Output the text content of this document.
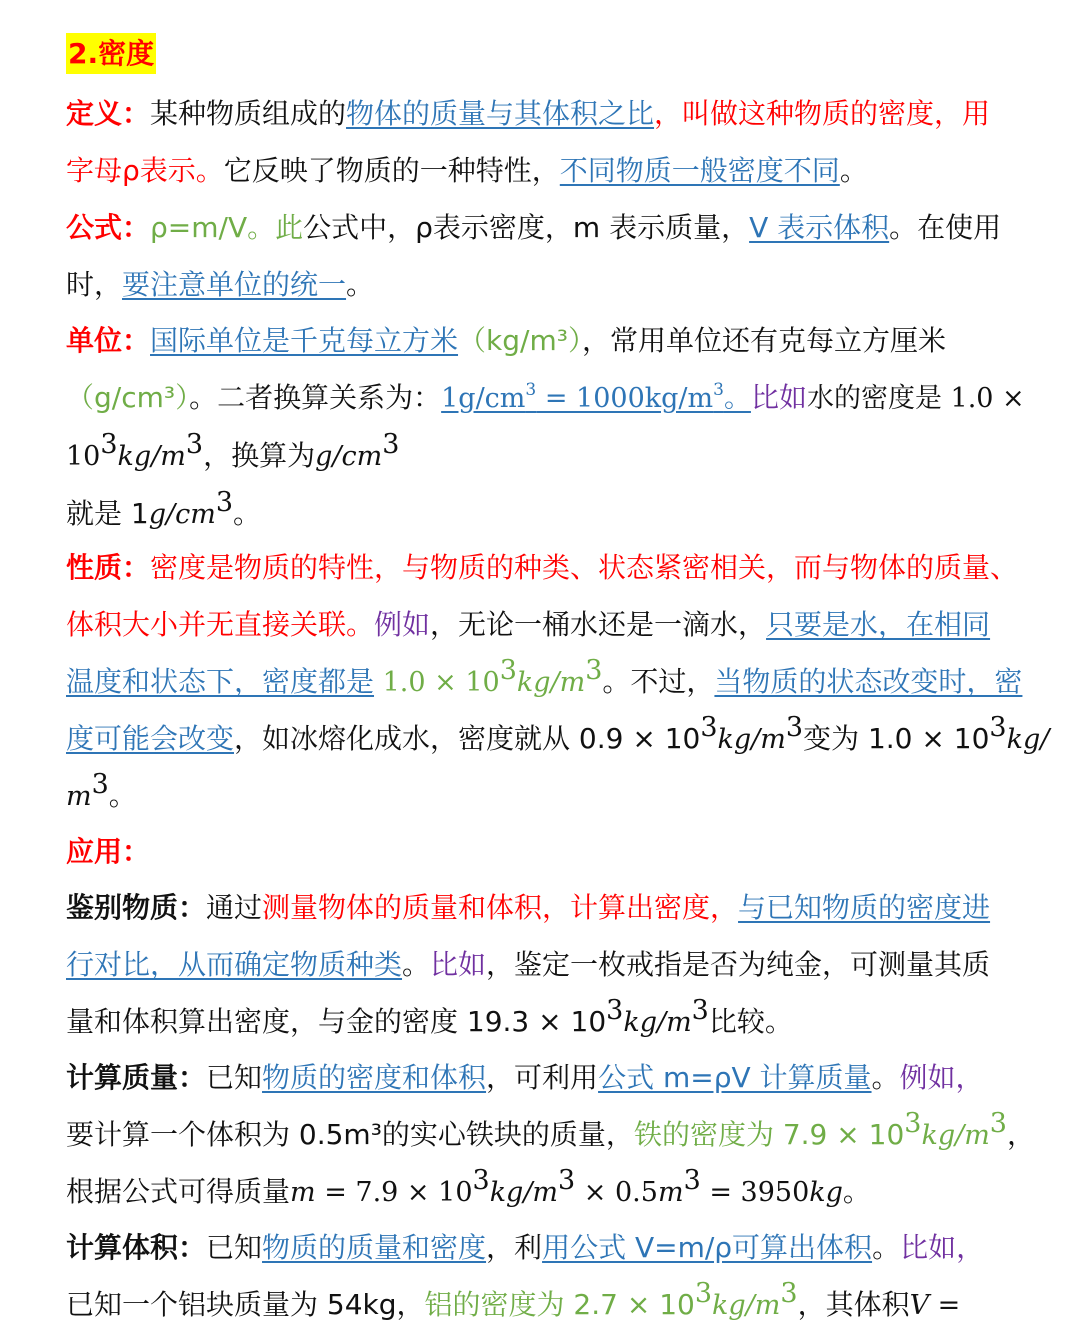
2.密度
定义：某种物质组成的物体的质量与其体积之比，叫做这种物质的密度，用
字母ρ表示。它反映了物质的一种特性，不同物质一般密度不同。
公式：ρ=m/V。此公式中，ρ表示密度，m 表示质量，V 表示体积。在使用
时，要注意单位的统一。
单位：国际单位是千克每立方米（kg/m³），常用单位还有克每立方厘米
（g/cm³）。二者换算关系为：$1g/cm^3 = 1000kg/m^3$。比如水的密度是 1.0 ×
$10^3kg/m^3$，换算为$g/cm^3$
就是 $1g/cm^3$。
性质：密度是物质的特性，与物质的种类、状态紧密相关，而与物体的质量、
体积大小并无直接关联。例如，无论一桶水还是一滴水，只要是水，在相同
温度和状态下，密度都是 $1.0 \times 10^3kg/m^3$。不过，当物质的状态改变时，密
度可能会改变，如冰熔化成水，密度就从 $0.9 \times 10^3kg/m^3$变为 $1.0 \times 10^3kg/$
$m^3$。
应用：
鉴别物质：通过测量物体的质量和体积，计算出密度，与已知物质的密度进
行对比，从而确定物质种类。比如，鉴定一枚戒指是否为纯金，可测量其质
量和体积算出密度，与金的密度 $19.3 \times 10^3kg/m^3$比较。
计算质量：已知物质的密度和体积，可利用公式 m=ρV 计算质量。例如，
要计算一个体积为 0.5m³的实心铁块的质量，铁的密度为 $7.9 \times 10^3kg/m^3$，
根据公式可得质量$m = 7.9 \times 10^3kg/m^3 \times 0.5m^3 = 3950kg$。
计算体积：已知物质的质量和密度，利用公式 V=m/ρ可算出体积。比如，
已知一个铝块质量为 54kg，铝的密度为 $2.7 \times 10^3kg/m^3$，其体积V =
